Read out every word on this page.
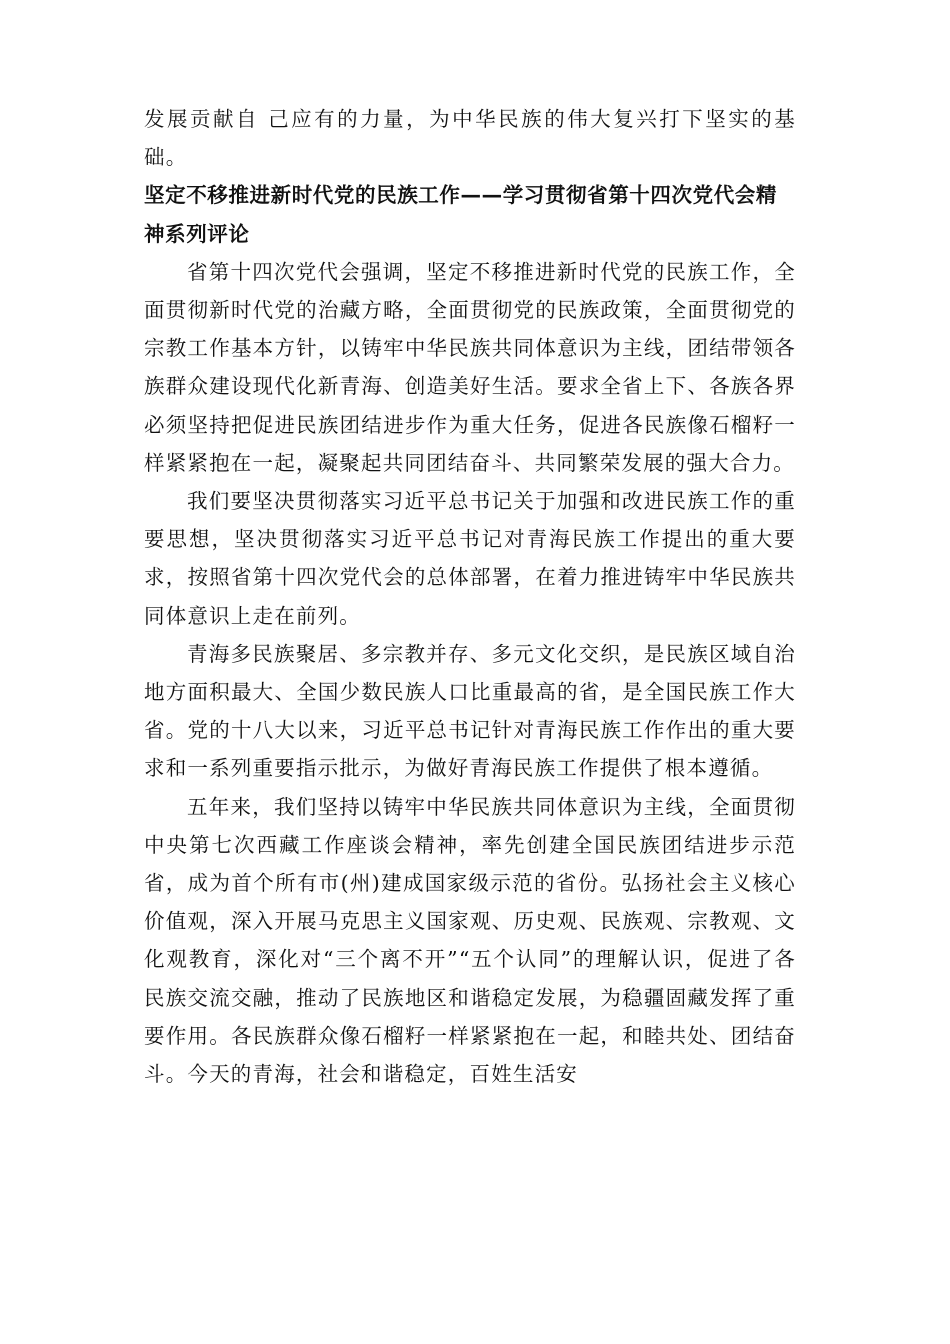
发展贡献自 己应有的力量，为中华民族的伟大复兴打下坚实的基础。

坚定不移推进新时代党的民族工作——学习贯彻省第十四次党代会精神系列评论

省第十四次党代会强调，坚定不移推进新时代党的民族工作，全面贯彻新时代党的治藏方略，全面贯彻党的民族政策，全面贯彻党的宗教工作基本方针，以铸牢中华民族共同体意识为主线，团结带领各族群众建设现代化新青海、创造美好生活。要求全省上下、各族各界必须坚持把促进民族团结进步作为重大任务，促进各民族像石榴籽一样紧紧抱在一起，凝聚起共同团结奋斗、共同繁荣发展的强大合力。

我们要坚决贯彻落实习近平总书记关于加强和改进民族工作的重要思想，坚决贯彻落实习近平总书记对青海民族工作提出的重大要求，按照省第十四次党代会的总体部署，在着力推进铸牢中华民族共同体意识上走在前列。

青海多民族聚居、多宗教并存、多元文化交织，是民族区域自治地方面积最大、全国少数民族人口比重最高的省，是全国民族工作大省。党的十八大以来，习近平总书记针对青海民族工作作出的重大要求和一系列重要指示批示，为做好青海民族工作提供了根本遵循。

五年来，我们坚持以铸牢中华民族共同体意识为主线，全面贯彻中央第七次西藏工作座谈会精神，率先创建全国民族团结进步示范省，成为首个所有市(州)建成国家级示范的省份。弘扬社会主义核心价值观，深入开展马克思主义国家观、历史观、民族观、宗教观、文化观教育，深化对“三个离不开”“五个认同”的理解认识，促进了各民族交流交融，推动了民族地区和谐稳定发展，为稳疆固藏发挥了重要作用。各民族群众像石榴籽一样紧紧抱在一起，和睦共处、团结奋斗。今天的青海，社会和谐稳定，百姓生活安
